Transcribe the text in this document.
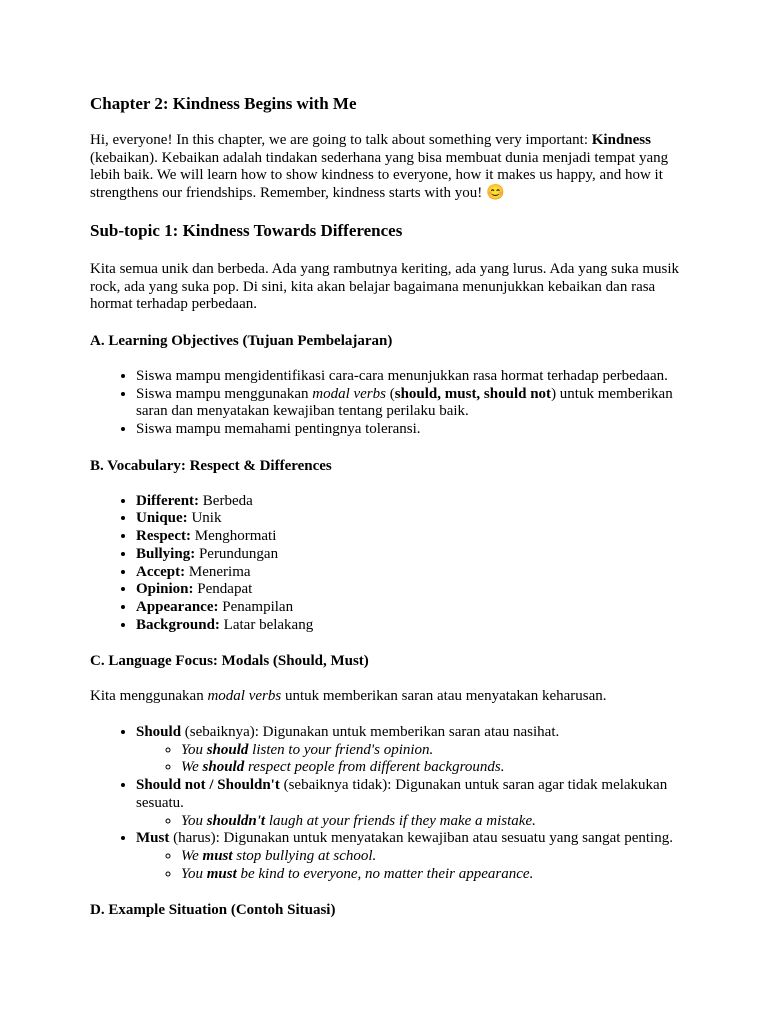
Chapter 2: Kindness Begins with Me

Hi, everyone! In this chapter, we are going to talk about something very important: Kindness (kebaikan). Kebaikan adalah tindakan sederhana yang bisa membuat dunia menjadi tempat yang lebih baik. We will learn how to show kindness to everyone, how it makes us happy, and how it strengthens our friendships. Remember, kindness starts with you! 😊

Sub-topic 1: Kindness Towards Differences

Kita semua unik dan berbeda. Ada yang rambutnya keriting, ada yang lurus. Ada yang suka musik rock, ada yang suka pop. Di sini, kita akan belajar bagaimana menunjukkan kebaikan dan rasa hormat terhadap perbedaan.

A. Learning Objectives (Tujuan Pembelajaran)
• Siswa mampu mengidentifikasi cara-cara menunjukkan rasa hormat terhadap perbedaan.
• Siswa mampu menggunakan modal verbs (should, must, should not) untuk memberikan saran dan menyatakan kewajiban tentang perilaku baik.
• Siswa mampu memahami pentingnya toleransi.
B. Vocabulary: Respect & Differences
• Different: Berbeda
• Unique: Unik
• Respect: Menghormati
• Bullying: Perundungan
• Accept: Menerima
• Opinion: Pendapat
• Appearance: Penampilan
• Background: Latar belakang
C. Language Focus: Modals (Should, Must)

Kita menggunakan modal verbs untuk memberikan saran atau menyatakan keharusan.

• Should (sebaiknya): Digunakan untuk memberikan saran atau nasihat.
◦ You should listen to your friend's opinion.
◦ We should respect people from different backgrounds.
• Should not / Shouldn't (sebaiknya tidak): Digunakan untuk saran agar tidak melakukan sesuatu.
◦ You shouldn't laugh at your friends if they make a mistake.
• Must (harus): Digunakan untuk menyatakan kewajiban atau sesuatu yang sangat penting.
◦ We must stop bullying at school.
◦ You must be kind to everyone, no matter their appearance.
D. Example Situation (Contoh Situasi)
